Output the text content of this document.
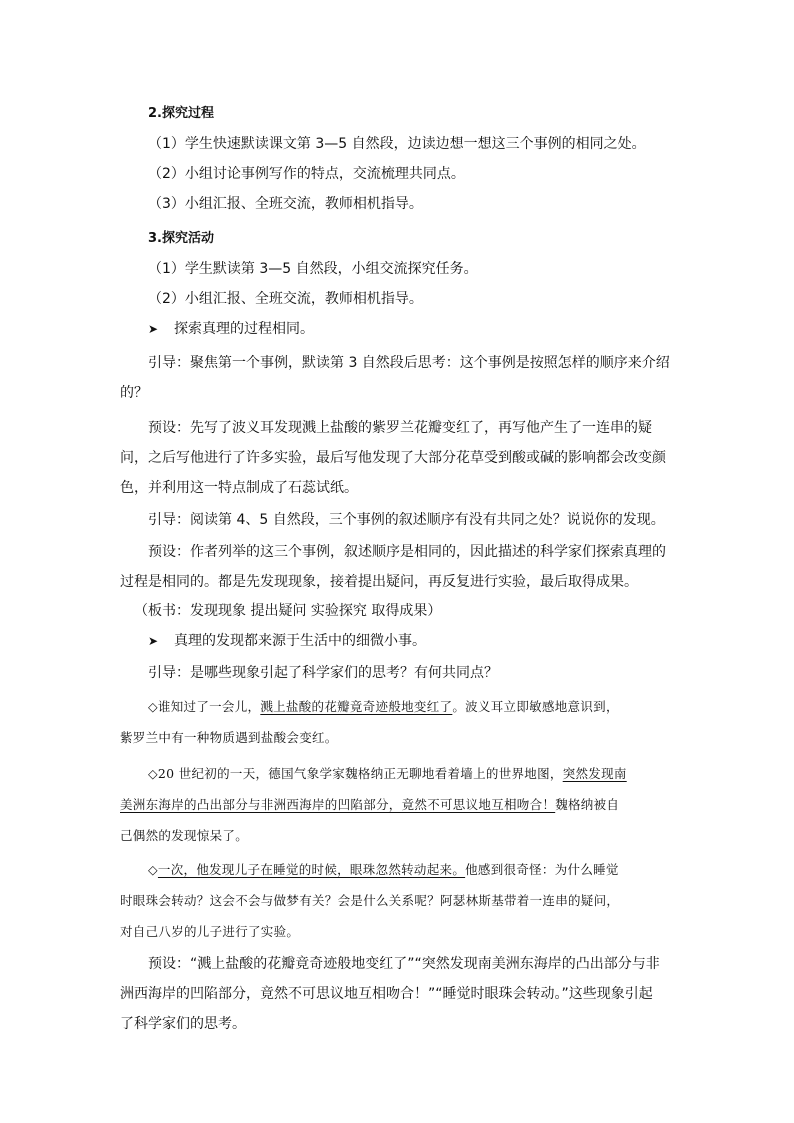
2.探究过程
（1）学生快速默读课文第 3—5 自然段，边读边想一想这三个事例的相同之处。
（2）小组讨论事例写作的特点，交流梳理共同点。
（3）小组汇报、全班交流，教师相机指导。
3.探究活动
（1）学生默读第 3—5 自然段，小组交流探究任务。
（2）小组汇报、全班交流，教师相机指导。
➤ 探索真理的过程相同。
引导：聚焦第一个事例，默读第 3 自然段后思考：这个事例是按照怎样的顺序来介绍
的？
预设：先写了波义耳发现溅上盐酸的紫罗兰花瓣变红了，再写他产生了一连串的疑
问，之后写他进行了许多实验，最后写他发现了大部分花草受到酸或碱的影响都会改变颜
色，并利用这一特点制成了石蕊试纸。
引导：阅读第 4、5 自然段，三个事例的叙述顺序有没有共同之处？说说你的发现。
预设：作者列举的这三个事例，叙述顺序是相同的，因此描述的科学家们探索真理的
过程是相同的。都是先发现现象，接着提出疑问，再反复进行实验，最后取得成果。
（板书：发现现象 提出疑问 实验探究 取得成果）
➤ 真理的发现都来源于生活中的细微小事。
引导：是哪些现象引起了科学家们的思考？有何共同点？
◇谁知过了一会儿，溅上盐酸的花瓣竟奇迹般地变红了。波义耳立即敏感地意识到，
紫罗兰中有一种物质遇到盐酸会变红。
◇20 世纪初的一天，德国气象学家魏格纳正无聊地看着墙上的世界地图，突然发现南
美洲东海岸的凸出部分与非洲西海岸的凹陷部分，竟然不可思议地互相吻合！魏格纳被自
己偶然的发现惊呆了。
◇一次，他发现儿子在睡觉的时候，眼珠忽然转动起来。他感到很奇怪：为什么睡觉
时眼珠会转动？这会不会与做梦有关？会是什么关系呢？阿瑟林斯基带着一连串的疑问，
对自己八岁的儿子进行了实验。
预设：“溅上盐酸的花瓣竟奇迹般地变红了”“突然发现南美洲东海岸的凸出部分与非
洲西海岸的凹陷部分，竟然不可思议地互相吻合！”“睡觉时眼珠会转动。”这些现象引起
了科学家们的思考。
